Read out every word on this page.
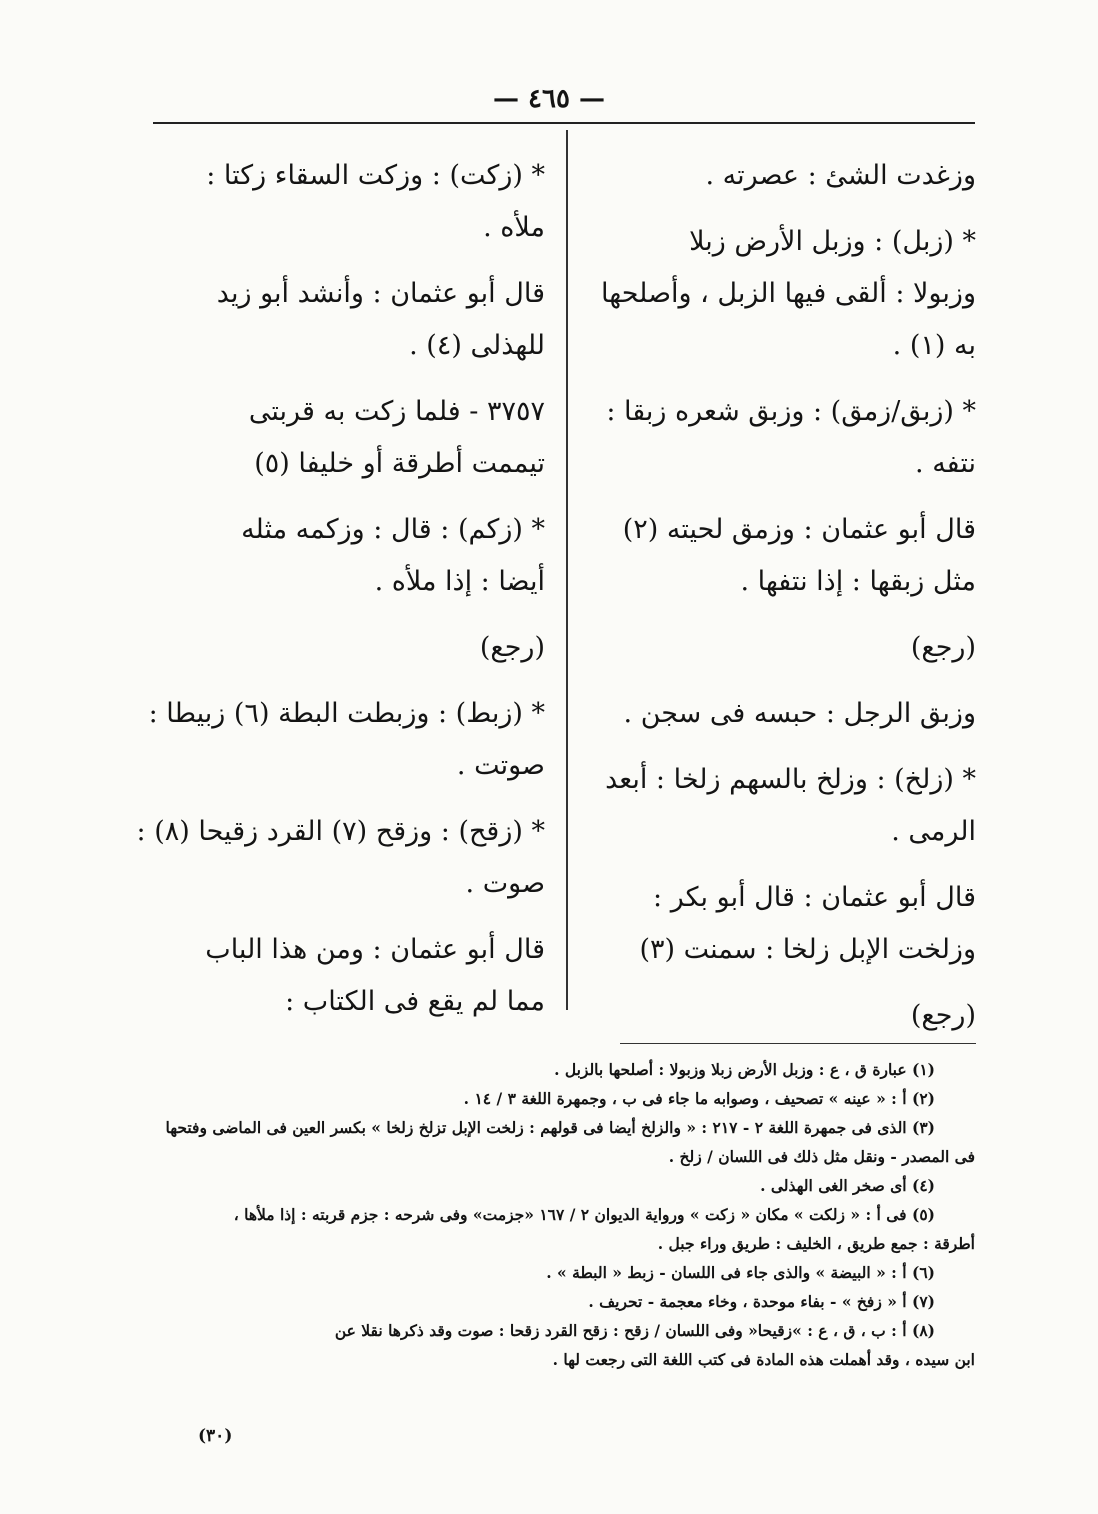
— ٤٦٥ —
وزغدت الشئ : عصرته .
* (زبل) : وزبل الأرض زبلا
وزبولا : ألقى فيها الزبل ، وأصلحها
به (١) .
* (زبق/زمق) : وزبق شعره زبقا :
نتفه .
قال أبو عثمان : وزمق لحيته (٢)
مثل زبقها : إذا نتفها .
(رجع)
وزبق الرجل : حبسه فى سجن .
* (زلخ) : وزلخ بالسهم زلخا : أبعد
الرمى .
قال أبو عثمان : قال أبو بكر :
وزلخت الإبل زلخا : سمنت (٣)
(رجع)
* (زكت) : وزكت السقاء زكتا :
ملأه .
قال أبو عثمان : وأنشد أبو زيد
للهذلى (٤) .
٣٧٥٧ - فلما زكت به قربتى
تيممت أطرقة أو خليفا (٥)
* (زكم) : قال : وزكمه مثله
أيضا : إذا ملأه .
(رجع)
* (زبط) : وزبطت البطة (٦) زبيطا :
صوتت .
* (زقح) : وزقح (٧) القرد زقيحا (٨) :
صوت .
قال أبو عثمان : ومن هذا الباب
مما لم يقع فى الكتاب :
(١) عبارة ق ، ع : وزبل الأرض زبلا وزبولا : أصلحها بالزبل .
(٢) أ : « عينه » تصحيف ، وصوابه ما جاء فى ب ، وجمهرة اللغة ٣ / ١٤ .
(٣) الذى فى جمهرة اللغة ٢ - ٢١٧ : « والزلخ أيضا فى قولهم : زلخت الإبل تزلخ زلخا » بكسر العين فى الماضى وفتحها
فى المصدر - ونقل مثل ذلك فى اللسان / زلخ .
(٤) أى صخر الغى الهذلى .
(٥) فى أ : « زلكت » مكان « زكت » ورواية الديوان ٢ / ١٦٧ «جزمت» وفى شرحه : جزم قربته : إذا ملأها ،
أطرقة : جمع طريق ، الخليف : طريق وراء جبل .
(٦) أ : « البيضة » والذى جاء فى اللسان - زبط « البطة » .
(٧) أ « زفخ » - بفاء موحدة ، وخاء معجمة - تحريف .
(٨) أ : ب ، ق ، ع : »زقيحا« وفى اللسان / زقح : زقح القرد زقحا : صوت وقد ذكرها نقلا عن
ابن سيده ، وقد أهملت هذه المادة فى كتب اللغة التى رجعت لها .
(٣٠)
